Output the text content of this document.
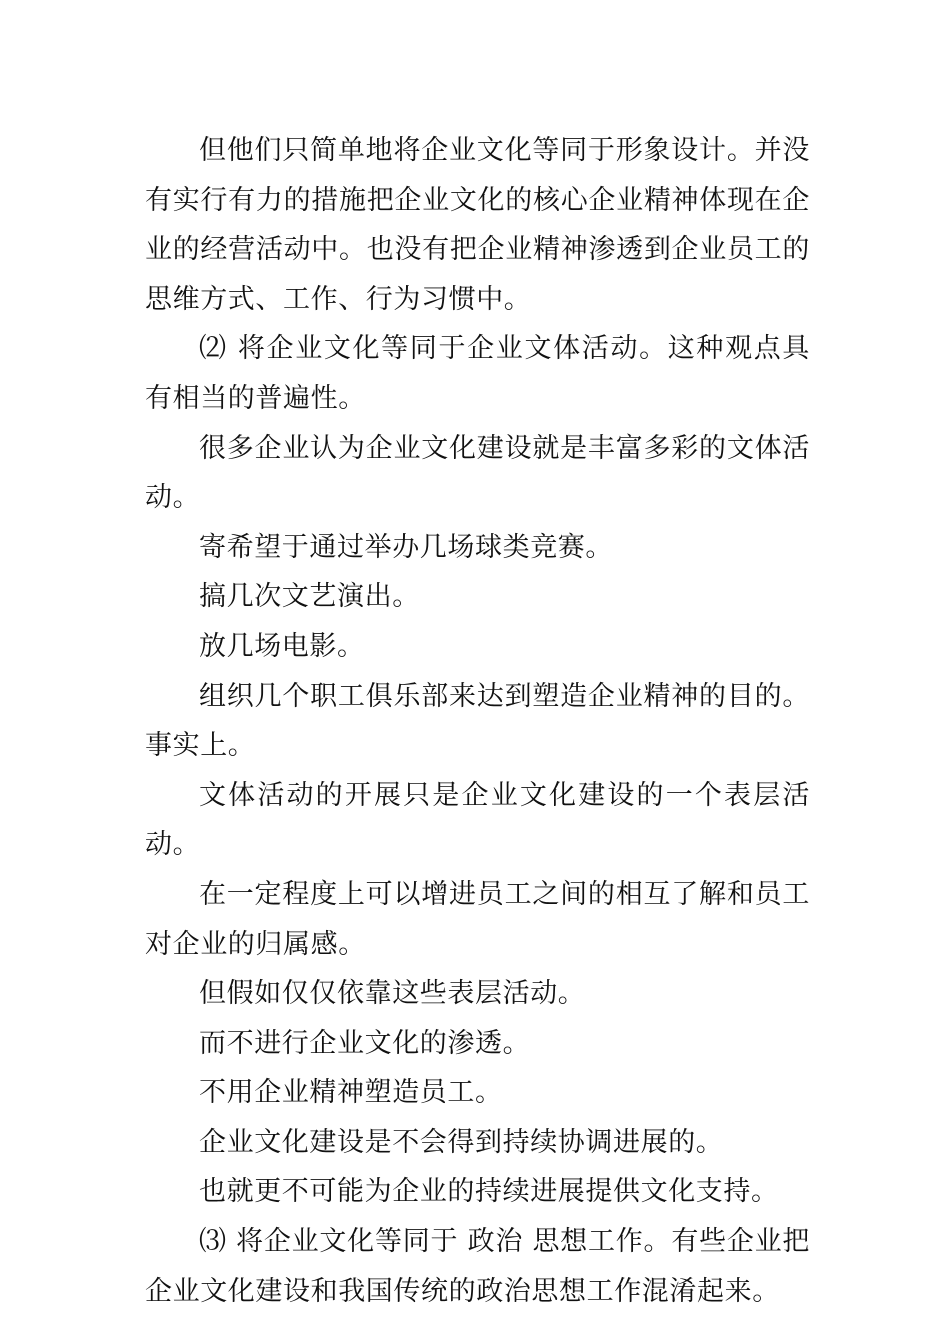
但他们只简单地将企业文化等同于形象设计。并没有实行有力的措施把企业文化的核心企业精神体现在企业的经营活动中。也没有把企业精神渗透到企业员工的思维方式、工作、行为习惯中。

⑵ 将企业文化等同于企业文体活动。这种观点具有相当的普遍性。

很多企业认为企业文化建设就是丰富多彩的文体活动。

寄希望于通过举办几场球类竞赛。

搞几次文艺演出。

放几场电影。

组织几个职工俱乐部来达到塑造企业精神的目的。事实上。

文体活动的开展只是企业文化建设的一个表层活动。

在一定程度上可以增进员工之间的相互了解和员工对企业的归属感。

但假如仅仅依靠这些表层活动。

而不进行企业文化的渗透。

不用企业精神塑造员工。

企业文化建设是不会得到持续协调进展的。

也就更不可能为企业的持续进展提供文化支持。

⑶ 将企业文化等同于 政治 思想工作。有些企业把企业文化建设和我国传统的政治思想工作混淆起来。
